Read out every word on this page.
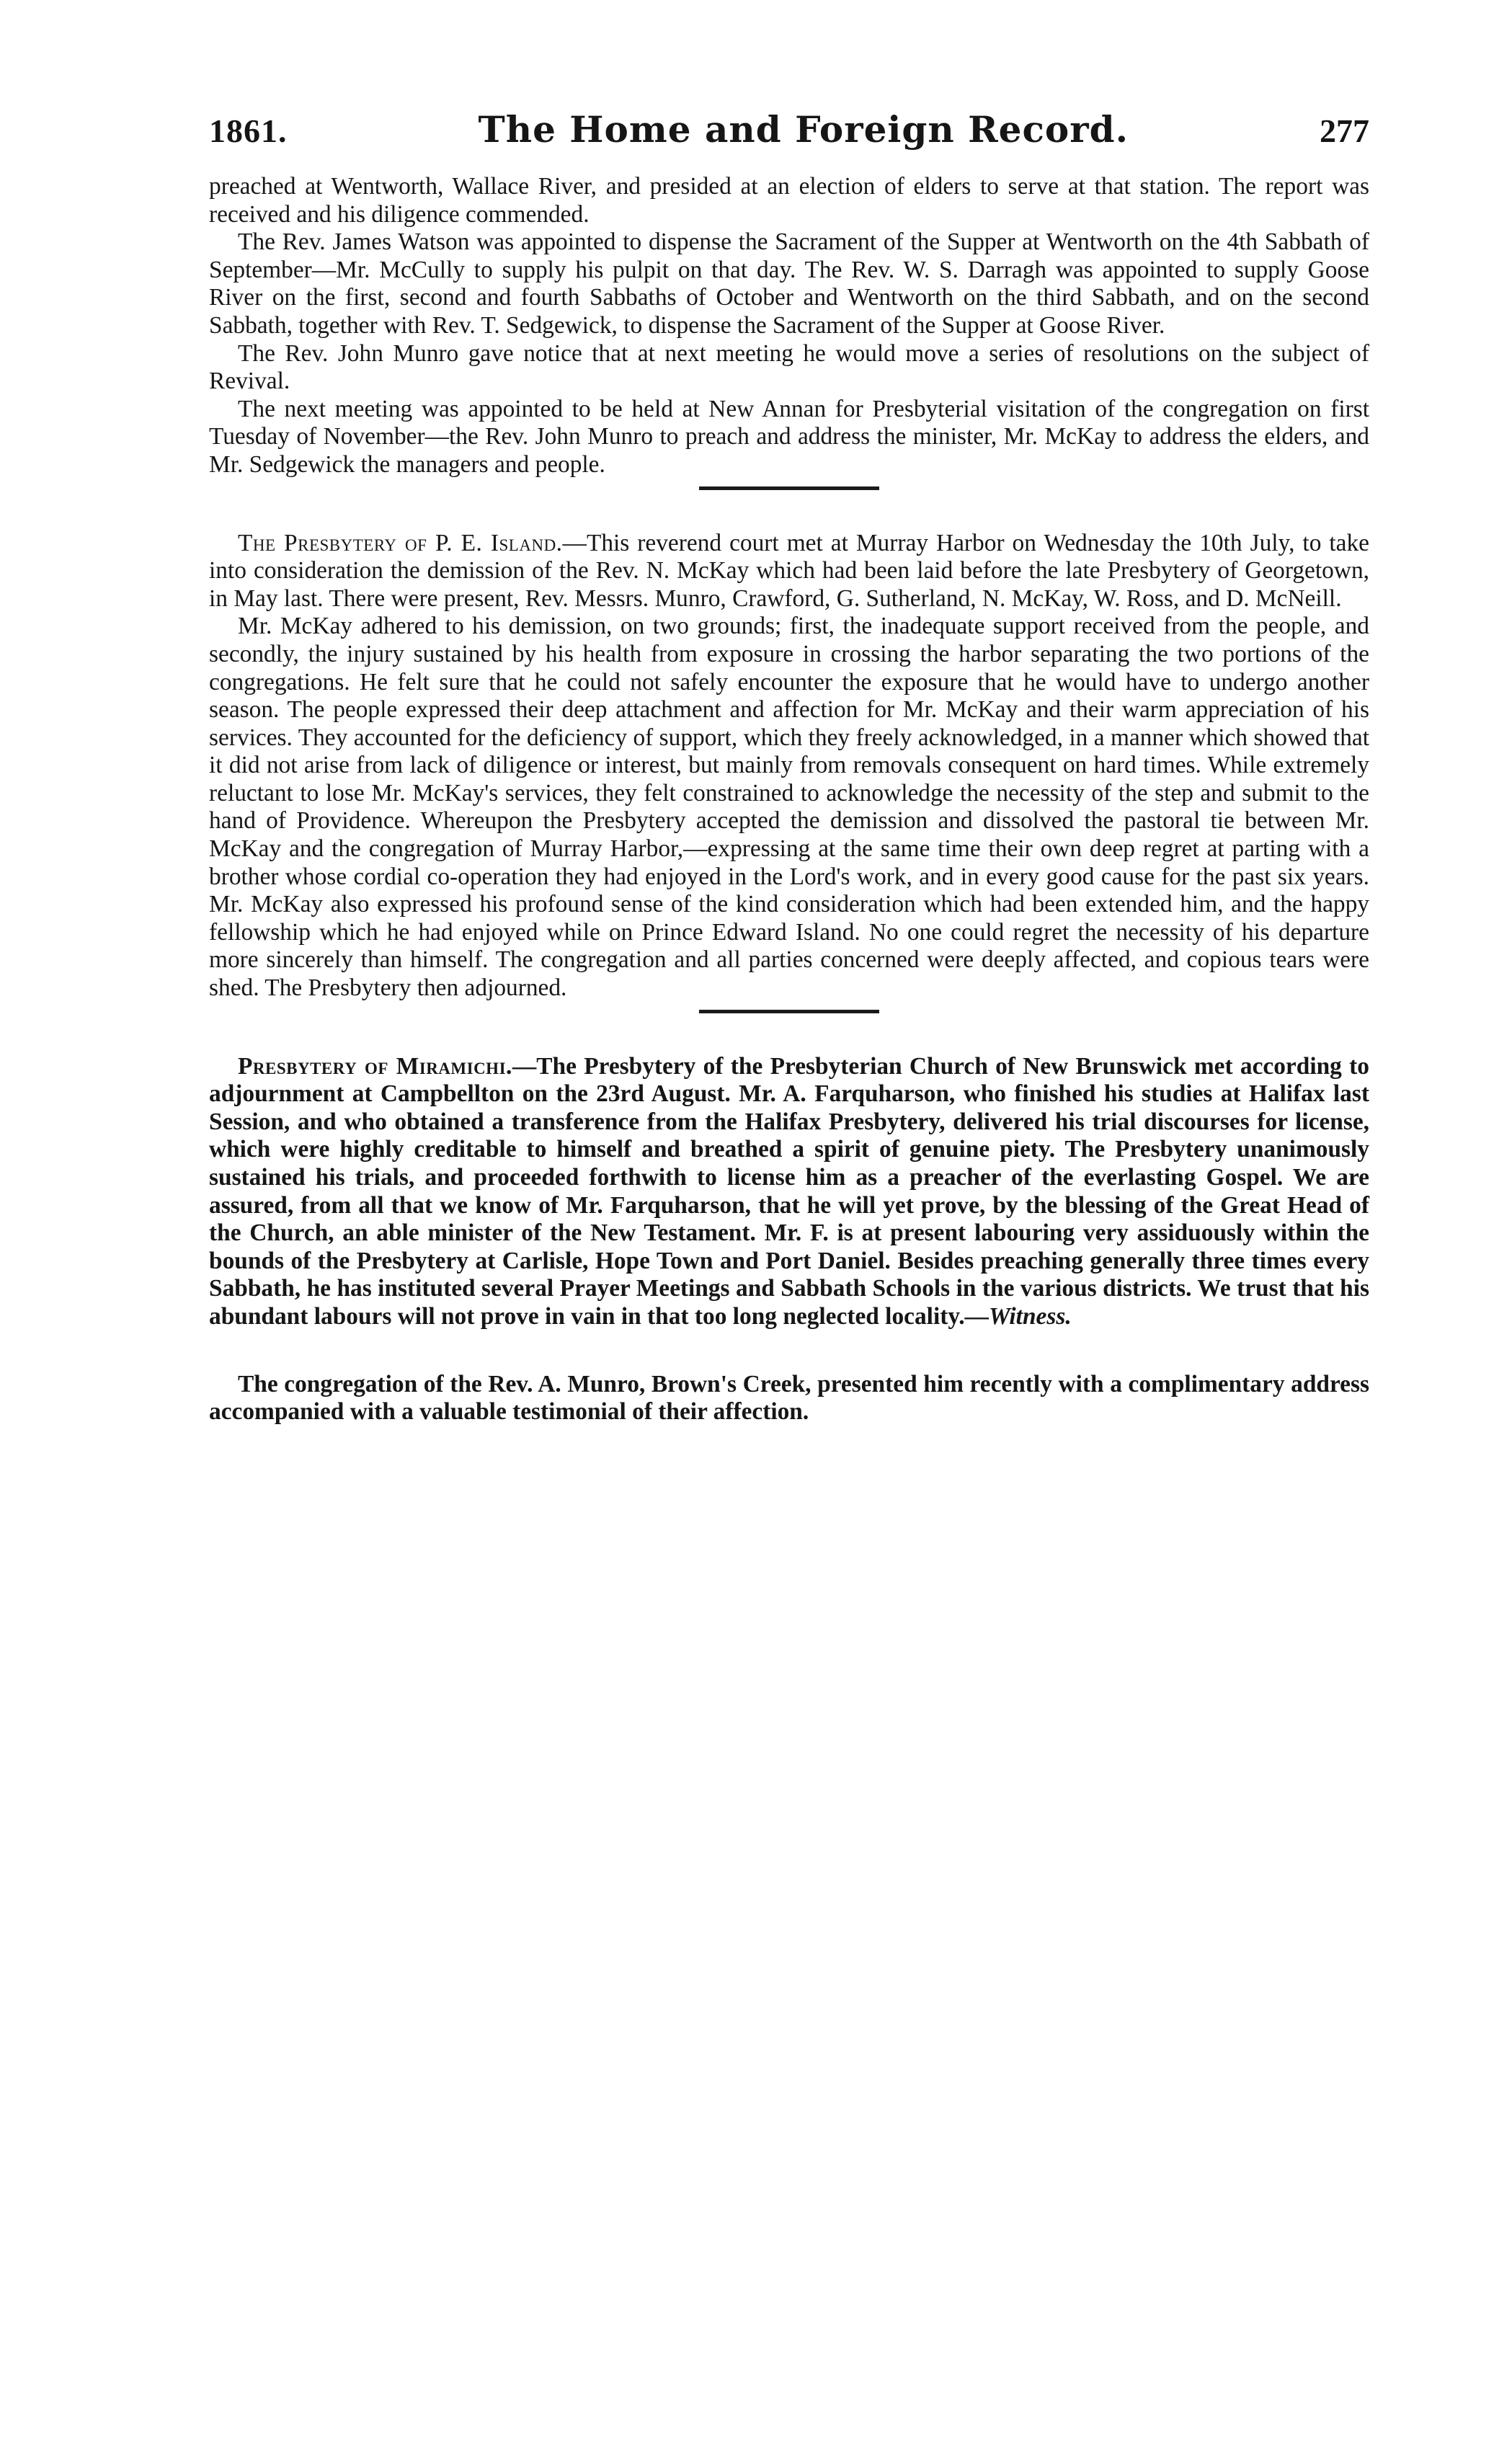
1861.	The Home and Foreign Record.	277

preached at Wentworth, Wallace River, and presided at an election of elders to serve at that station. The report was received and his diligence commended.

The Rev. James Watson was appointed to dispense the Sacrament of the Supper at Wentworth on the 4th Sabbath of September—Mr. McCully to supply his pulpit on that day. The Rev. W. S. Darragh was appointed to supply Goose River on the first, second and fourth Sabbaths of October and Wentworth on the third Sabbath, and on the second Sabbath, together with Rev. T. Sedgewick, to dispense the Sacrament of the Supper at Goose River.

The Rev. John Munro gave notice that at next meeting he would move a series of resolutions on the subject of Revival.

The next meeting was appointed to be held at New Annan for Presbyterial visitation of the congregation on first Tuesday of November—the Rev. John Munro to preach and address the minister, Mr. McKay to address the elders, and Mr. Sedgewick the managers and people.

The Presbytery of P. E. Island.—This reverend court met at Murray Harbor on Wednesday the 10th July, to take into consideration the demission of the Rev. N. McKay which had been laid before the late Presbytery of Georgetown, in May last. There were present, Rev. Messrs. Munro, Crawford, G. Sutherland, N. McKay, W. Ross, and D. McNeill.

Mr. McKay adhered to his demission, on two grounds; first, the inadequate support received from the people, and secondly, the injury sustained by his health from exposure in crossing the harbor separating the two portions of the congregations. He felt sure that he could not safely encounter the exposure that he would have to undergo another season. The people expressed their deep attachment and affection for Mr. McKay and their warm appreciation of his services. They accounted for the deficiency of support, which they freely acknowledged, in a manner which showed that it did not arise from lack of diligence or interest, but mainly from removals consequent on hard times. While extremely reluctant to lose Mr. McKay's services, they felt constrained to acknowledge the necessity of the step and submit to the hand of Providence. Whereupon the Presbytery accepted the demission and dissolved the pastoral tie between Mr. McKay and the congregation of Murray Harbor,—expressing at the same time their own deep regret at parting with a brother whose cordial co-operation they had enjoyed in the Lord's work, and in every good cause for the past six years. Mr. McKay also expressed his profound sense of the kind consideration which had been extended him, and the happy fellowship which he had enjoyed while on Prince Edward Island. No one could regret the necessity of his departure more sincerely than himself. The congregation and all parties concerned were deeply affected, and copious tears were shed. The Presbytery then adjourned.

Presbytery of Miramichi.—The Presbytery of the Presbyterian Church of New Brunswick met according to adjournment at Campbellton on the 23rd August. Mr. A. Farquharson, who finished his studies at Halifax last Session, and who obtained a transference from the Halifax Presbytery, delivered his trial discourses for license, which were highly creditable to himself and breathed a spirit of genuine piety. The Presbytery unanimously sustained his trials, and proceeded forthwith to license him as a preacher of the everlasting Gospel. We are assured, from all that we know of Mr. Farquharson, that he will yet prove, by the blessing of the Great Head of the Church, an able minister of the New Testament. Mr. F. is at present labouring very assiduously within the bounds of the Presbytery at Carlisle, Hope Town and Port Daniel. Besides preaching generally three times every Sabbath, he has instituted several Prayer Meetings and Sabbath Schools in the various districts. We trust that his abundant labours will not prove in vain in that too long neglected locality.—Witness.

The congregation of the Rev. A. Munro, Brown's Creek, presented him recently with a complimentary address accompanied with a valuable testimonial of their affection.
